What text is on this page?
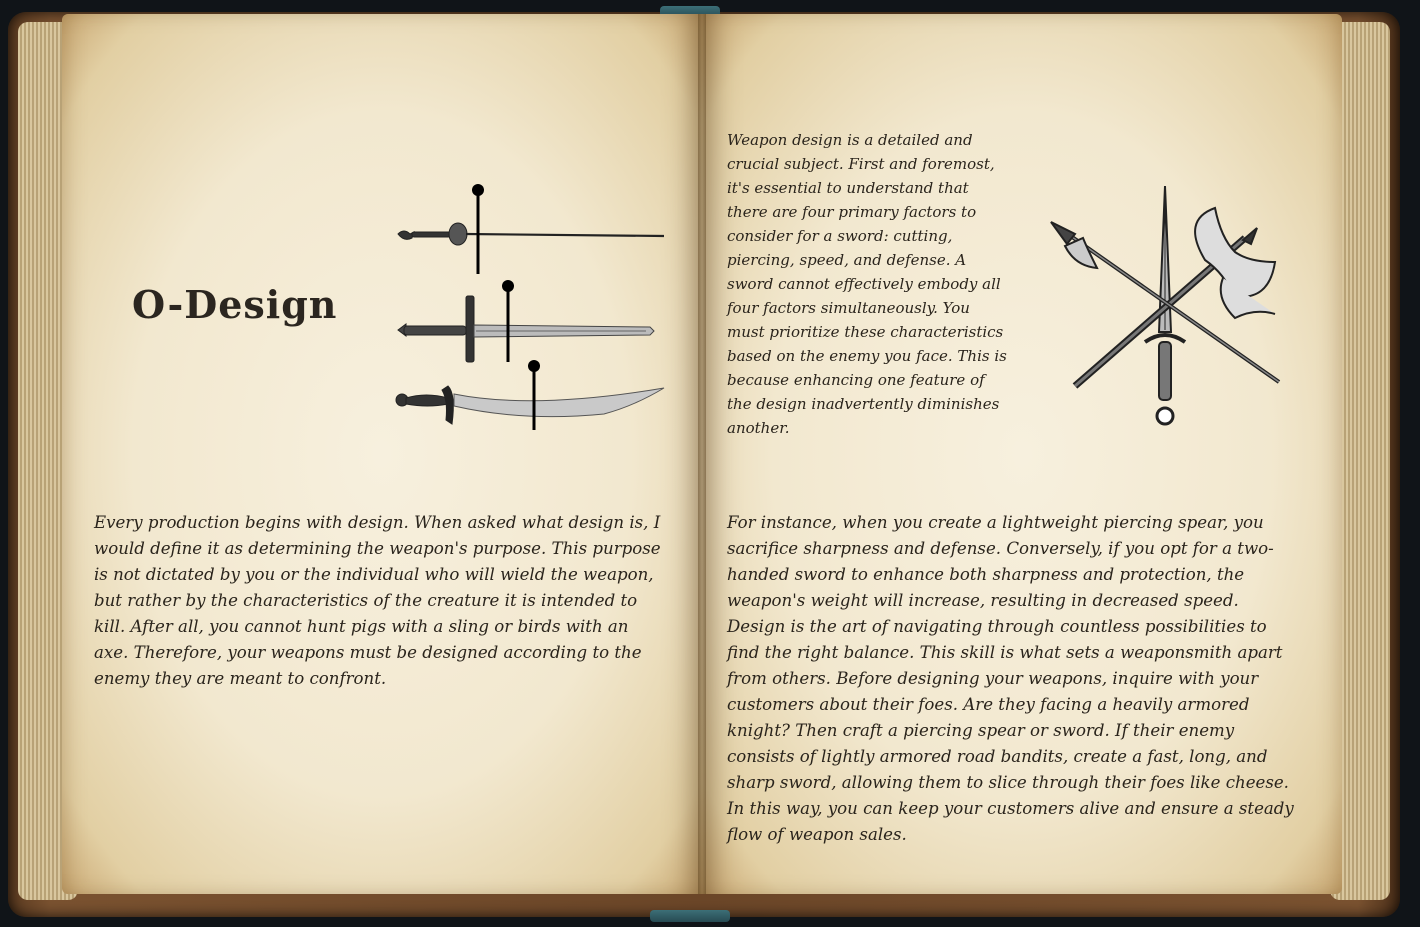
O-Design
Every production begins with design. When asked what design is, I would define it as determining the weapon's purpose. This purpose is not dictated by you or the individual who will wield the weapon, but rather by the characteristics of the creature it is intended to kill. After all, you cannot hunt pigs with a sling or birds with an axe. Therefore, your weapons must be designed according to the enemy they are meant to confront.
Weapon design is a detailed and crucial subject. First and foremost, it's essential to understand that there are four primary factors to consider for a sword: cutting, piercing, speed, and defense. A sword cannot effectively embody all four factors simultaneously. You must prioritize these characteristics based on the enemy you face. This is because enhancing one feature of the design inadvertently diminishes another.
For instance, when you create a lightweight piercing spear, you sacrifice sharpness and defense. Conversely, if you opt for a two-handed sword to enhance both sharpness and protection, the weapon's weight will increase, resulting in decreased speed. Design is the art of navigating through countless possibilities to find the right balance. This skill is what sets a weaponsmith apart from others. Before designing your weapons, inquire with your customers about their foes. Are they facing a heavily armored knight? Then craft a piercing spear or sword. If their enemy consists of lightly armored road bandits, create a fast, long, and sharp sword, allowing them to slice through their foes like cheese. In this way, you can keep your customers alive and ensure a steady flow of weapon sales.
